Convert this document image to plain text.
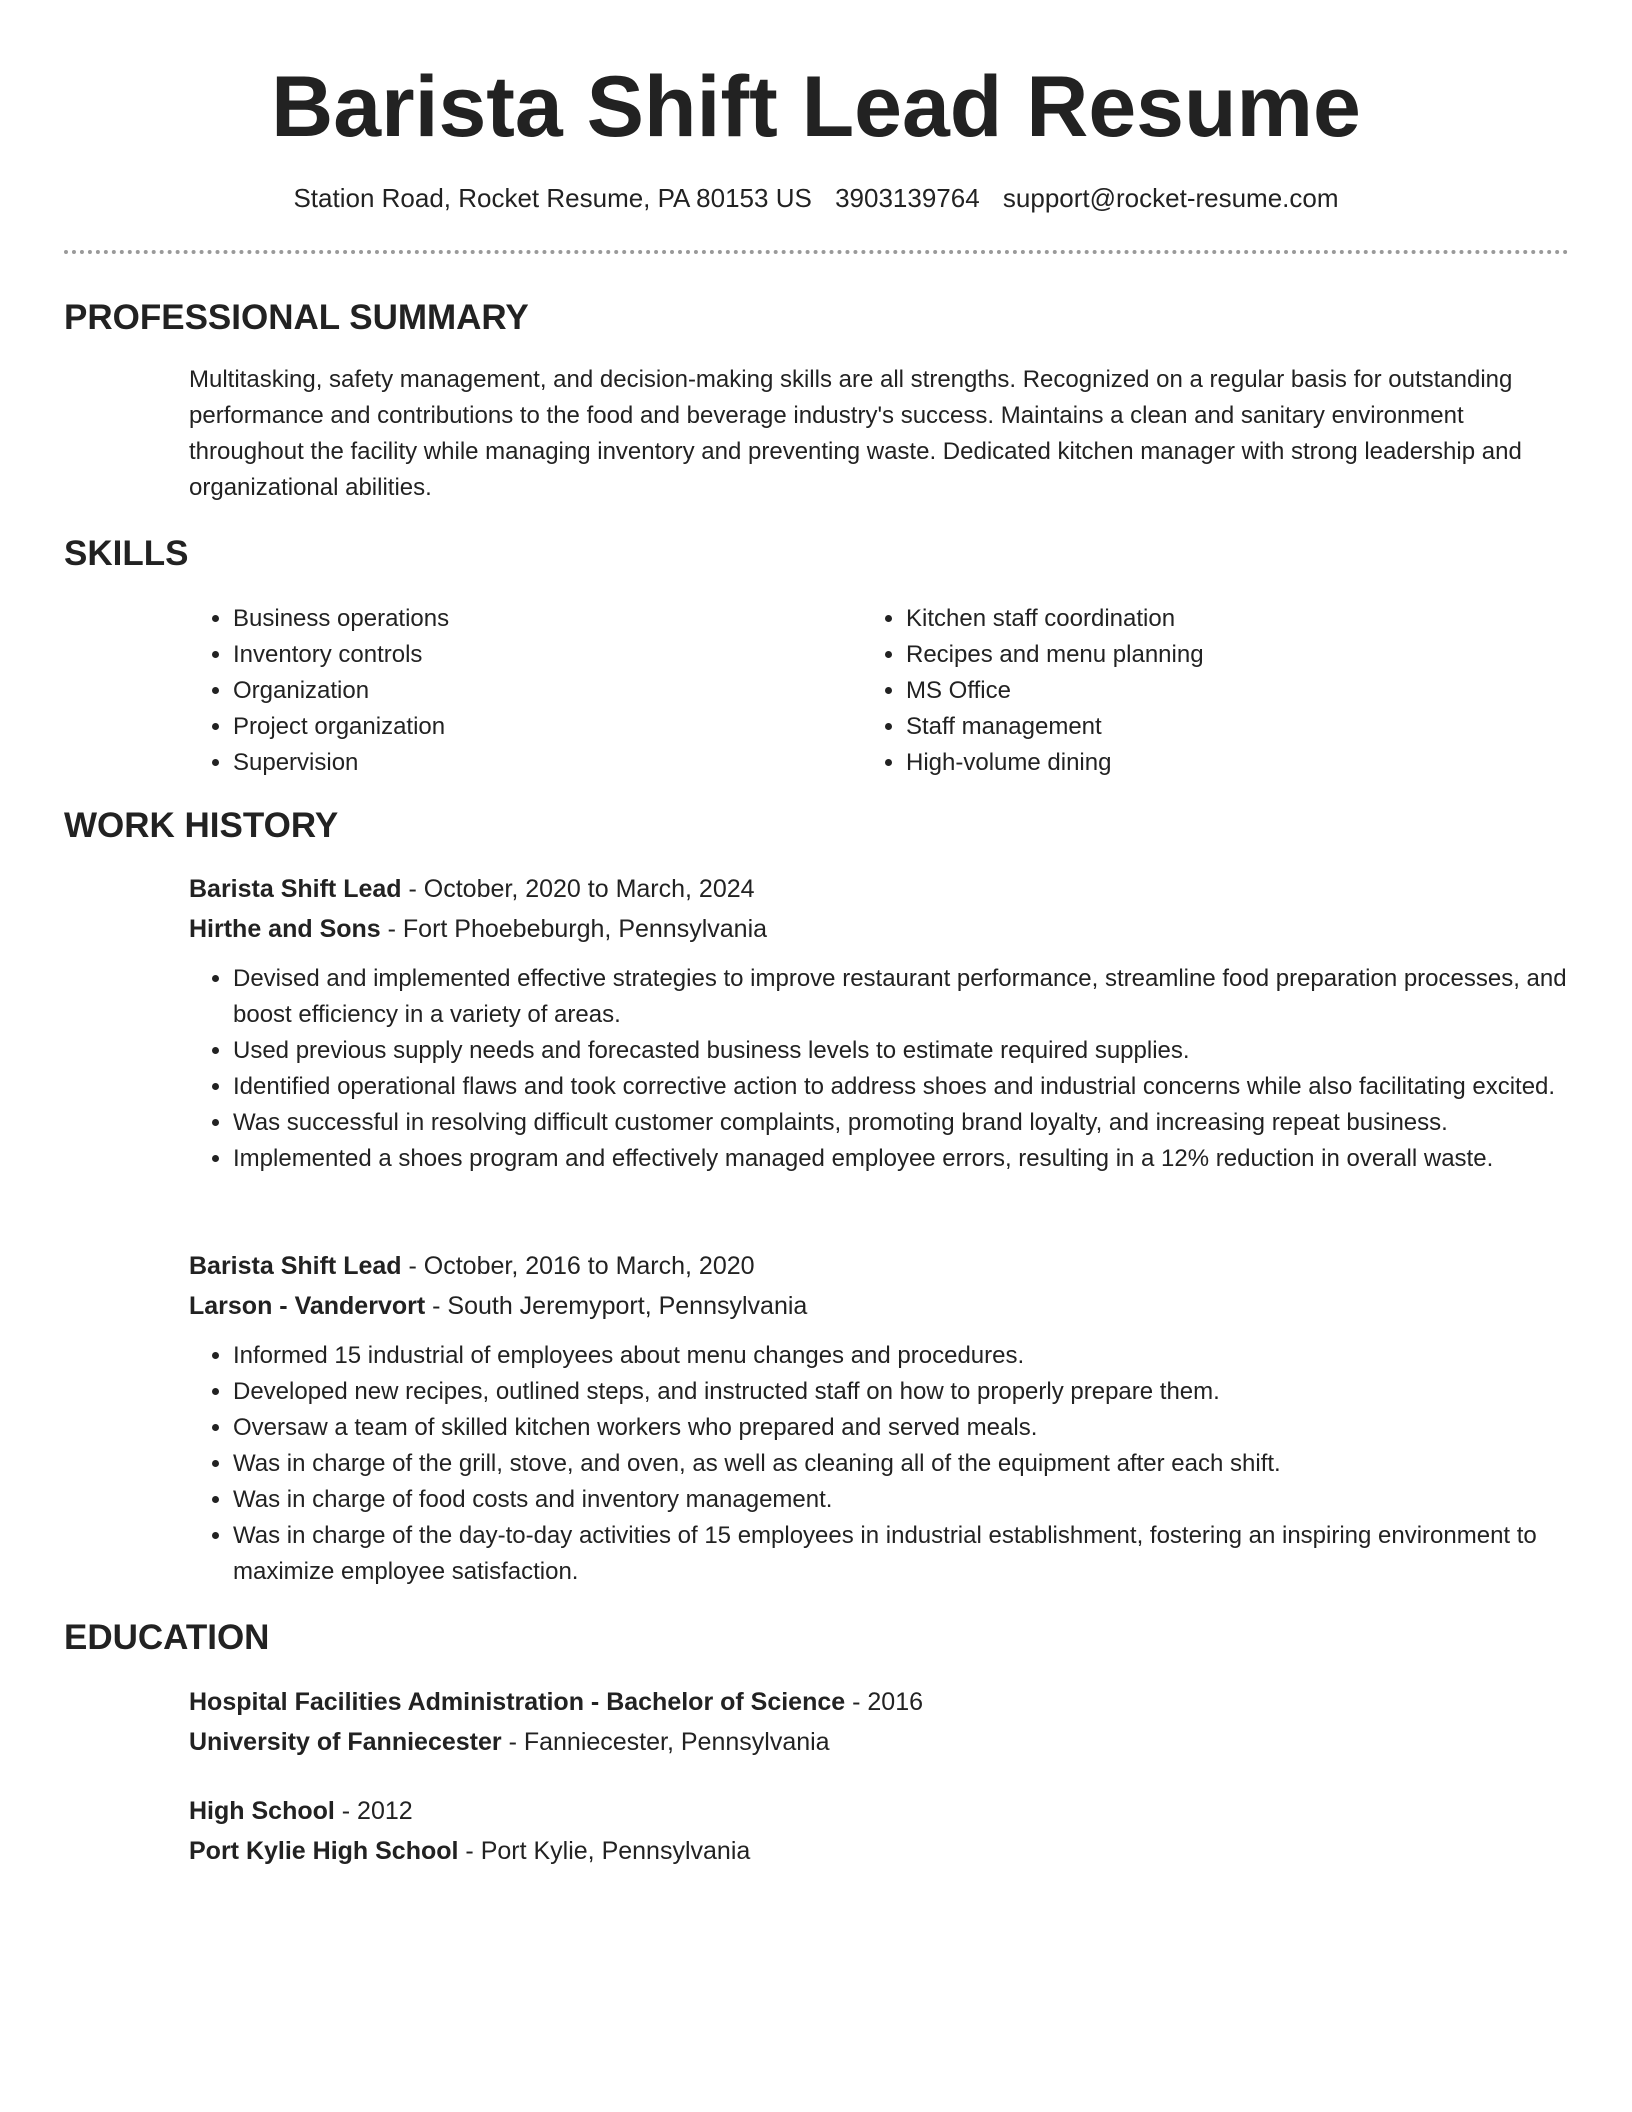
Barista Shift Lead Resume
Station Road, Rocket Resume, PA 80153 US 3903139764 support@rocket-resume.com
PROFESSIONAL SUMMARY
Multitasking, safety management, and decision-making skills are all strengths. Recognized on a regular basis for outstanding performance and contributions to the food and beverage industry's success. Maintains a clean and sanitary environment throughout the facility while managing inventory and preventing waste. Dedicated kitchen manager with strong leadership and organizational abilities.
SKILLS
• Business operations
• Inventory controls
• Organization
• Project organization
• Supervision
• Kitchen staff coordination
• Recipes and menu planning
• MS Office
• Staff management
• High-volume dining
WORK HISTORY
Barista Shift Lead - October, 2020 to March, 2024
Hirthe and Sons - Fort Phoebeburgh, Pennsylvania
• Devised and implemented effective strategies to improve restaurant performance, streamline food preparation processes, and boost efficiency in a variety of areas.
• Used previous supply needs and forecasted business levels to estimate required supplies.
• Identified operational flaws and took corrective action to address shoes and industrial concerns while also facilitating excited.
• Was successful in resolving difficult customer complaints, promoting brand loyalty, and increasing repeat business.
• Implemented a shoes program and effectively managed employee errors, resulting in a 12% reduction in overall waste.
Barista Shift Lead - October, 2016 to March, 2020
Larson - Vandervort - South Jeremyport, Pennsylvania
• Informed 15 industrial of employees about menu changes and procedures.
• Developed new recipes, outlined steps, and instructed staff on how to properly prepare them.
• Oversaw a team of skilled kitchen workers who prepared and served meals.
• Was in charge of the grill, stove, and oven, as well as cleaning all of the equipment after each shift.
• Was in charge of food costs and inventory management.
• Was in charge of the day-to-day activities of 15 employees in industrial establishment, fostering an inspiring environment to maximize employee satisfaction.
EDUCATION
Hospital Facilities Administration - Bachelor of Science - 2016
University of Fanniecester - Fanniecester, Pennsylvania
High School - 2012
Port Kylie High School - Port Kylie, Pennsylvania
